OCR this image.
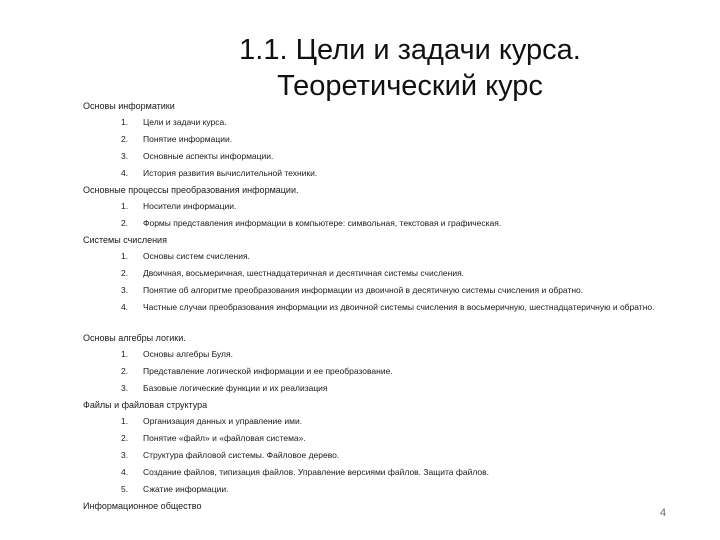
1.1. Цели и задачи курса.
Теоретический курс
Основы информатики
1.	Цели и задачи курса.
2.	Понятие информации.
3.	Основные аспекты информации.
4.	История развития вычислительной техники.
Основные процессы преобразования информации.
1.	Носители информации.
2.	Формы представления информации в компьютере: символьная, текстовая и графическая.
Системы счисления
1.	Основы систем счисления.
2.	Двоичная, восьмеричная, шестнадцатеричная и десятичная системы счисления.
3.	Понятие об алгоритме преобразования информации из двоичной в десятичную системы счисления и обратно.
4.	Частные случаи преобразования информации из двоичной системы счисления в восьмеричную, шестнадцатеричную и обратно.
Основы алгебры логики.
1.	Основы алгебры Буля.
2.	Представление логической информации и ее преобразование.
3.	Базовые логические функции и их реализация
Файлы и файловая структура
1.	Организация данных и управление ими.
2.	Понятие «файл» и «файловая система».
3.	Структура файловой системы. Файловое дерево.
4.	Создание файлов, типизация файлов. Управление версиями файлов. Защита файлов.
5.	Сжатие информации.
Информационное общество
4
